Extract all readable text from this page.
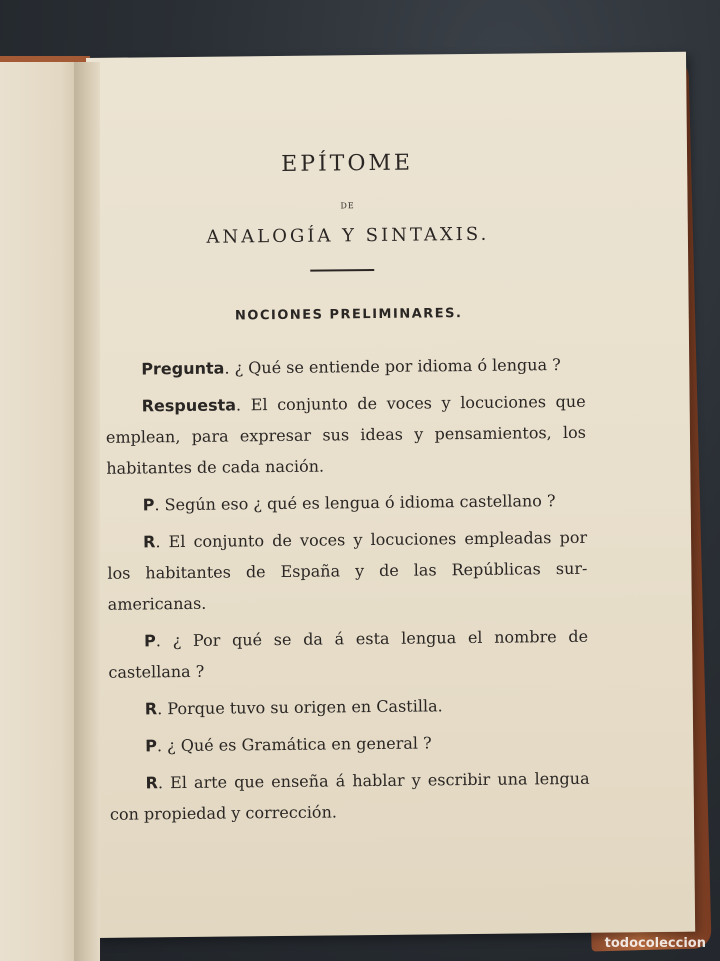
EPÍTOME
DE
ANALOGÍA Y SINTAXIS.
NOCIONES PRELIMINARES.

Pregunta. ¿ Qué se entiende por idioma ó lengua ?

Respuesta. El conjunto de voces y locuciones que emplean, para expresar sus ideas y pensamientos, los habitantes de cada nación.

P. Según eso ¿ qué es lengua ó idioma castellano ?

R. El conjunto de voces y locuciones empleadas por los habitantes de España y de las Repúblicas sur-americanas.

P. ¿ Por qué se da á esta lengua el nombre de castellana ?

R. Porque tuvo su origen en Castilla.

P. ¿ Qué es Gramática en general ?

R. El arte que enseña á hablar y escribir una lengua con propiedad y corrección.

todocoleccion
